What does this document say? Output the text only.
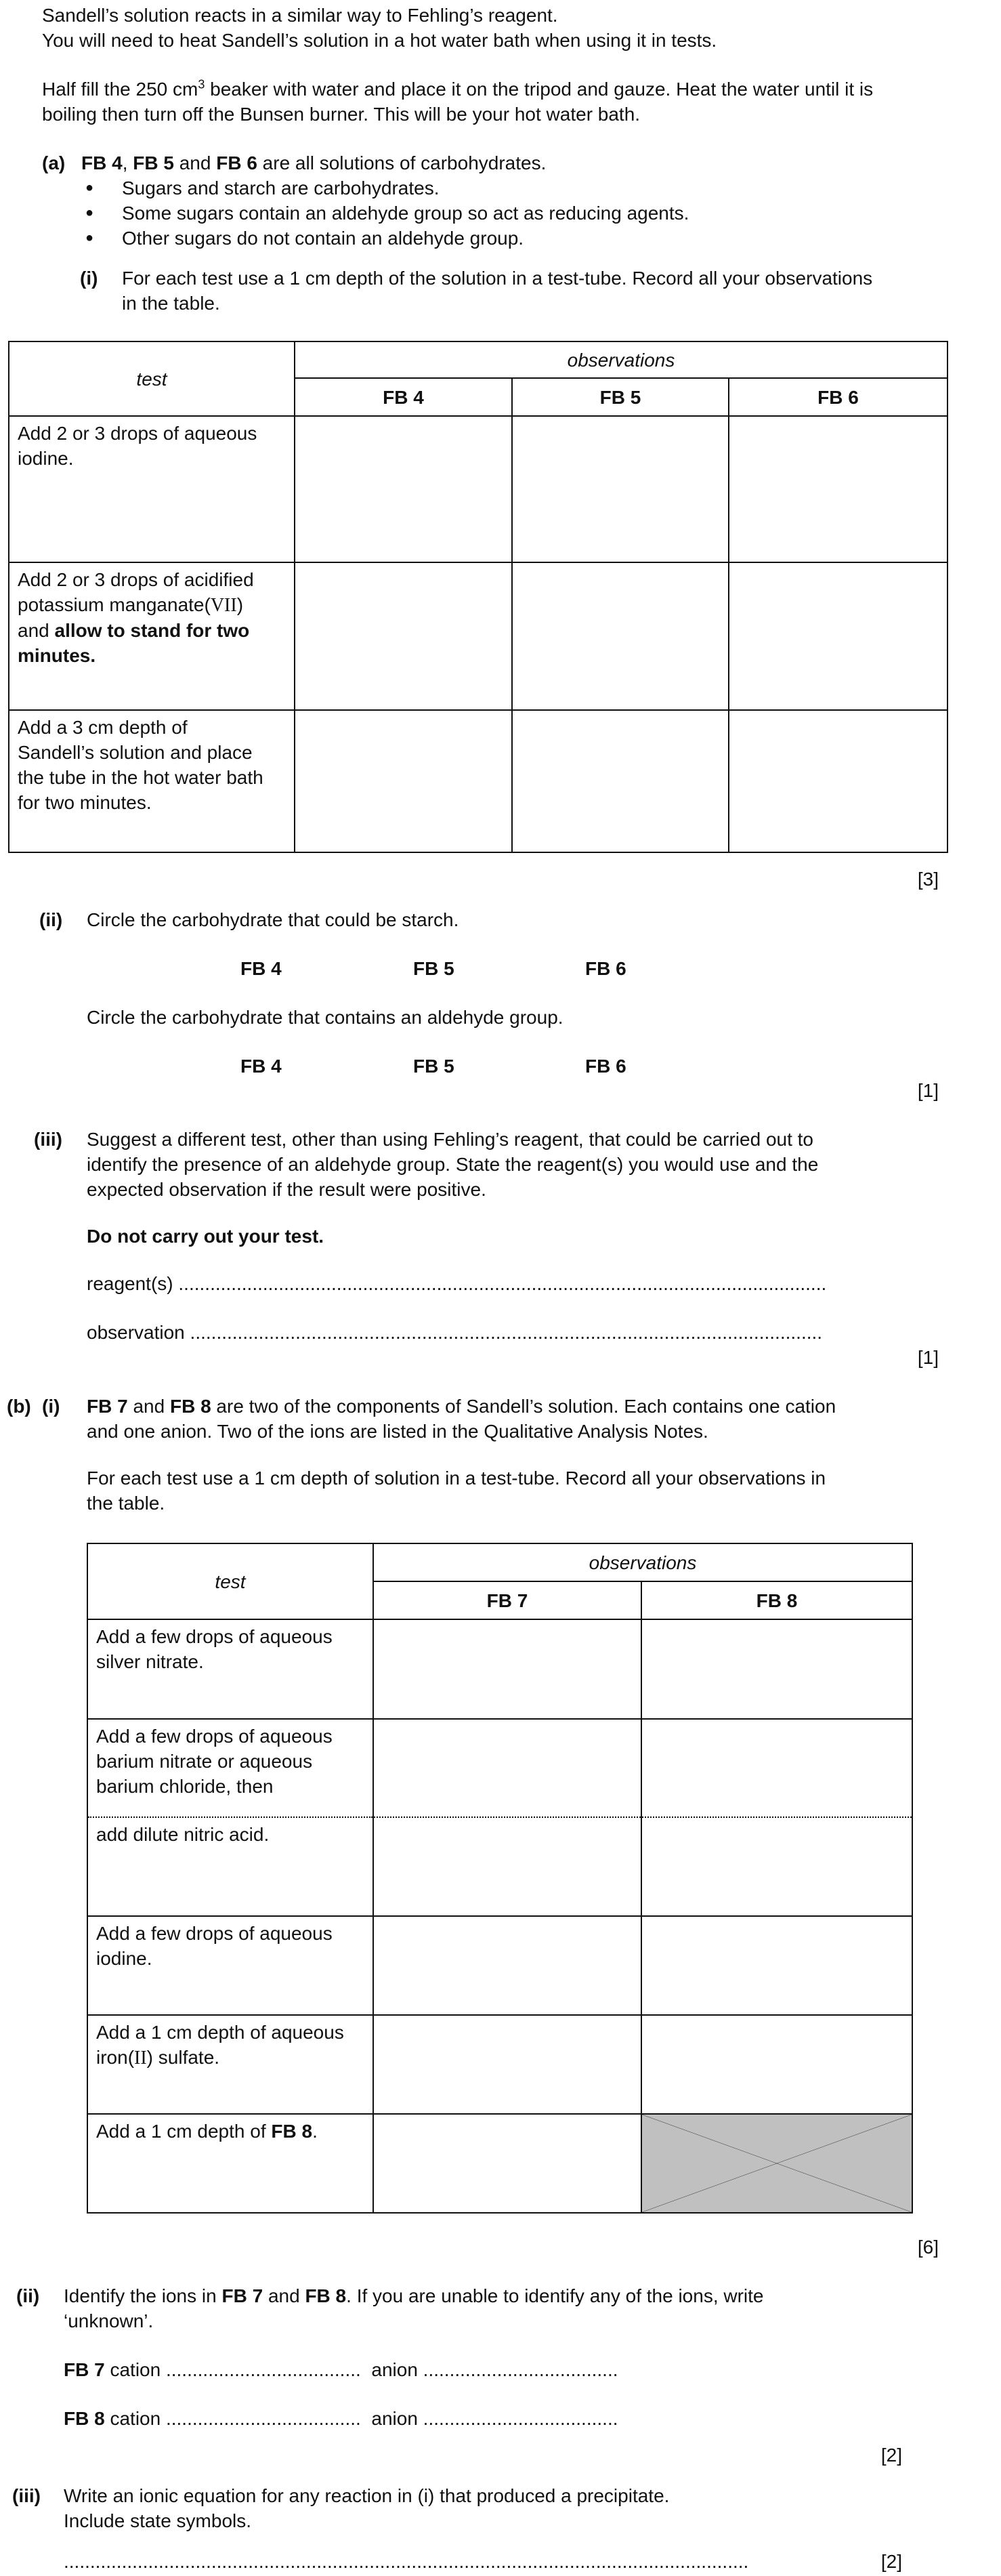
Sandell’s solution reacts in a similar way to Fehling’s reagent.
You will need to heat Sandell’s solution in a hot water bath when using it in tests.
Half fill the 250 $cm^3$ beaker with water and place it on the tripod and gauze. Heat the water until it is
boiling then turn off the Bunsen burner. This will be your hot water bath.
(a) FB 4, FB 5 and FB 6 are all solutions of carbohydrates.
● Sugars and starch are carbohydrates.
● Some sugars contain an aldehyde group so act as reducing agents.
● Other sugars do not contain an aldehyde group.
(i) For each test use a 1 cm depth of the solution in a test-tube. Record all your observations
in the table.
test	observations		
	FB 4	FB 5	FB 6

Add 2 or 3 drops of aqueous
iodine.			

Add 2 or 3 drops of acidified
potassium manganate(VII)
and allow to stand for two
minutes.			

Add a 3 cm depth of
Sandell’s solution and place
the tube in the hot water bath
for two minutes.			

[3]
(ii) Circle the carbohydrate that could be starch.
FB 4	FB 5	FB 6
Circle the carbohydrate that contains an aldehyde group.
FB 4	FB 5	FB 6
[1]
(iii) Suggest a different test, other than using Fehling’s reagent, that could be carried out to
identify the presence of an aldehyde group. State the reagent(s) you would use and the
expected observation if the result were positive.
Do not carry out your test.
reagent(s) ...........................................................................................................................
observation ........................................................................................................................
[1]
(b) (i) FB 7 and FB 8 are two of the components of Sandell’s solution. Each contains one cation
and one anion. Two of the ions are listed in the Qualitative Analysis Notes.
For each test use a 1 cm depth of solution in a test-tube. Record all your observations in
the table.
test	observations	
	FB 7	FB 8

Add a few drops of aqueous
silver nitrate.		

Add a few drops of aqueous
barium nitrate or aqueous
barium chloride, then		

add dilute nitric acid.		

Add a few drops of aqueous
iodine.		

Add a 1 cm depth of aqueous
iron(II) sulfate.		

Add a 1 cm depth of FB 8.

[6]
(ii) Identify the ions in FB 7 and FB 8. If you are unable to identify any of the ions, write
‘unknown’.
FB 7 cation ..................................... anion .....................................
FB 8 cation ..................................... anion .....................................
[2]
(iii) Write an ionic equation for any reaction in (i) that produced a precipitate.
Include state symbols.
..................................................................................................................................	[2]
